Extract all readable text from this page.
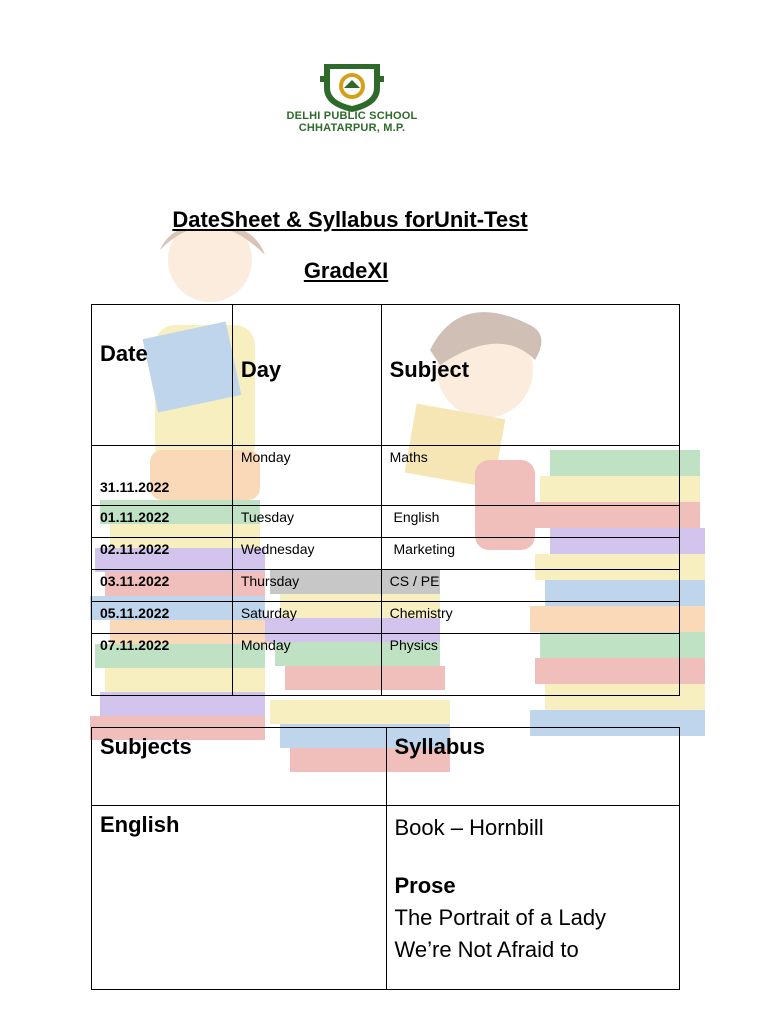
DELHI PUBLIC SCHOOL
CHHATARPUR, M.P.
DateSheet & Syllabus forUnit-Test
GradeXI
Date	Day	Subject
31.11.2022	Monday	Maths
01.11.2022	Tuesday	English
02.11.2022	Wednesday	Marketing
03.11.2022	Thursday	CS / PE
05.11.2022	Saturday	Chemistry
07.11.2022	Monday	Physics
Subjects	Syllabus
English	Book – Hornbill
Prose
The Portrait of a Lady
We’re Not Afraid to
